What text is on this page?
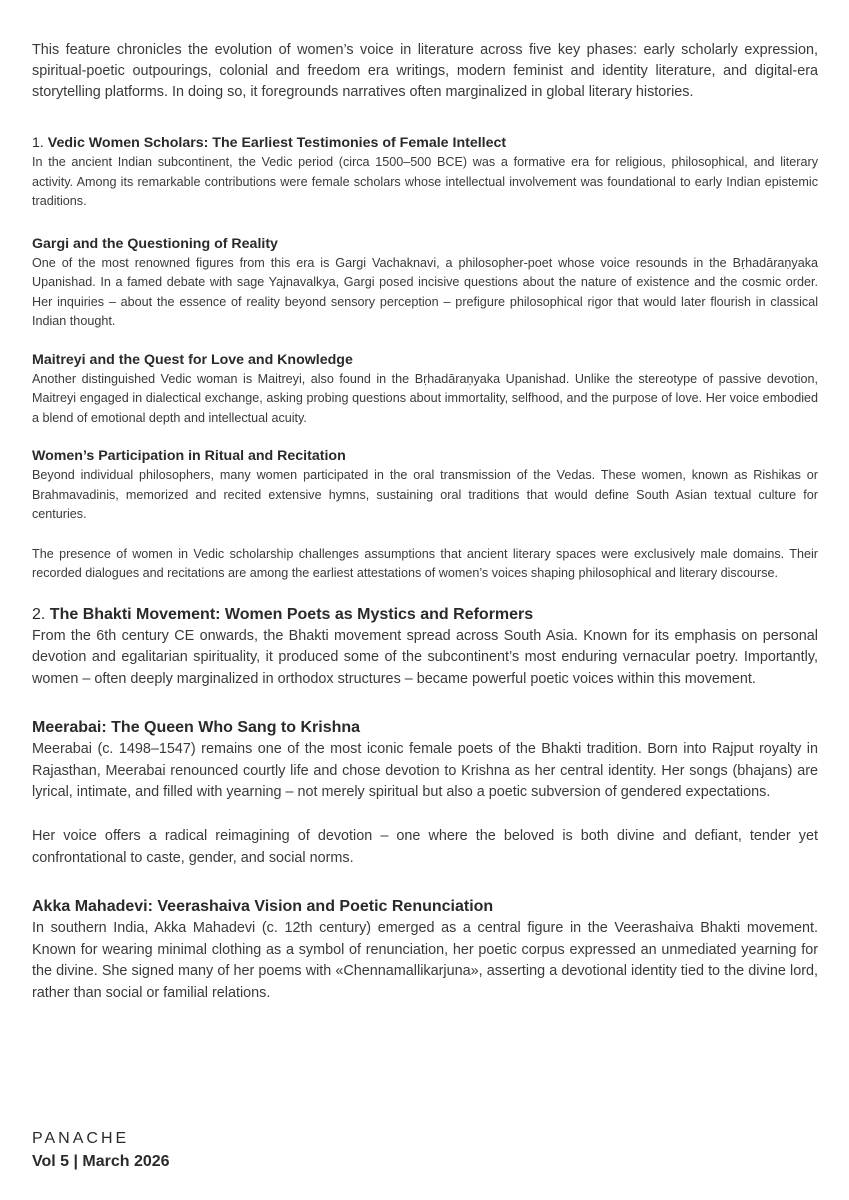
This feature chronicles the evolution of women’s voice in literature across five key phases: early scholarly expression, spiritual-poetic outpourings, colonial and freedom era writings, modern feminist and identity literature, and digital-era storytelling platforms. In doing so, it foregrounds narratives often marginalized in global literary histories.

1. Vedic Women Scholars: The Earliest Testimonies of Female Intellect

In the ancient Indian subcontinent, the Vedic period (circa 1500–500 BCE) was a formative era for religious, philosophical, and literary activity. Among its remarkable contributions were female scholars whose intellectual involvement was foundational to early Indian epistemic traditions.

Gargi and the Questioning of Reality

One of the most renowned figures from this era is Gargi Vachaknavi, a philosopher-poet whose voice resounds in the Bṛhadāraṇyaka Upanishad. In a famed debate with sage Yajnavalkya, Gargi posed incisive questions about the nature of existence and the cosmic order. Her inquiries – about the essence of reality beyond sensory perception – prefigure philosophical rigor that would later flourish in classical Indian thought.

Maitreyi and the Quest for Love and Knowledge

Another distinguished Vedic woman is Maitreyi, also found in the Bṛhadāraṇyaka Upanishad. Unlike the stereotype of passive devotion, Maitreyi engaged in dialectical exchange, asking probing questions about immortality, selfhood, and the purpose of love. Her voice embodied a blend of emotional depth and intellectual acuity.

Women’s Participation in Ritual and Recitation

Beyond individual philosophers, many women participated in the oral transmission of the Vedas. These women, known as Rishikas or Brahmavadinis, memorized and recited extensive hymns, sustaining oral traditions that would define South Asian textual culture for centuries.

The presence of women in Vedic scholarship challenges assumptions that ancient literary spaces were exclusively male domains. Their recorded dialogues and recitations are among the earliest attestations of women’s voices shaping philosophical and literary discourse.

2. The Bhakti Movement: Women Poets as Mystics and Reformers

From the 6th century CE onwards, the Bhakti movement spread across South Asia. Known for its emphasis on personal devotion and egalitarian spirituality, it produced some of the subcontinent’s most enduring vernacular poetry. Importantly, women – often deeply marginalized in orthodox structures – became powerful poetic voices within this movement.

Meerabai: The Queen Who Sang to Krishna

Meerabai (c. 1498–1547) remains one of the most iconic female poets of the Bhakti tradition. Born into Rajput royalty in Rajasthan, Meerabai renounced courtly life and chose devotion to Krishna as her central identity. Her songs (bhajans) are lyrical, intimate, and filled with yearning – not merely spiritual but also a poetic subversion of gendered expectations.

Her voice offers a radical reimagining of devotion – one where the beloved is both divine and defiant, tender yet confrontational to caste, gender, and social norms.

Akka Mahadevi: Veerashaiva Vision and Poetic Renunciation

In southern India, Akka Mahadevi (c. 12th century) emerged as a central figure in the Veerashaiva Bhakti movement. Known for wearing minimal clothing as a symbol of renunciation, her poetic corpus expressed an unmediated yearning for the divine. She signed many of her poems with «Chennamallikarjuna», asserting a devotional identity tied to the divine lord, rather than social or familial relations.

PANACHE
Vol 5 | March 2026
